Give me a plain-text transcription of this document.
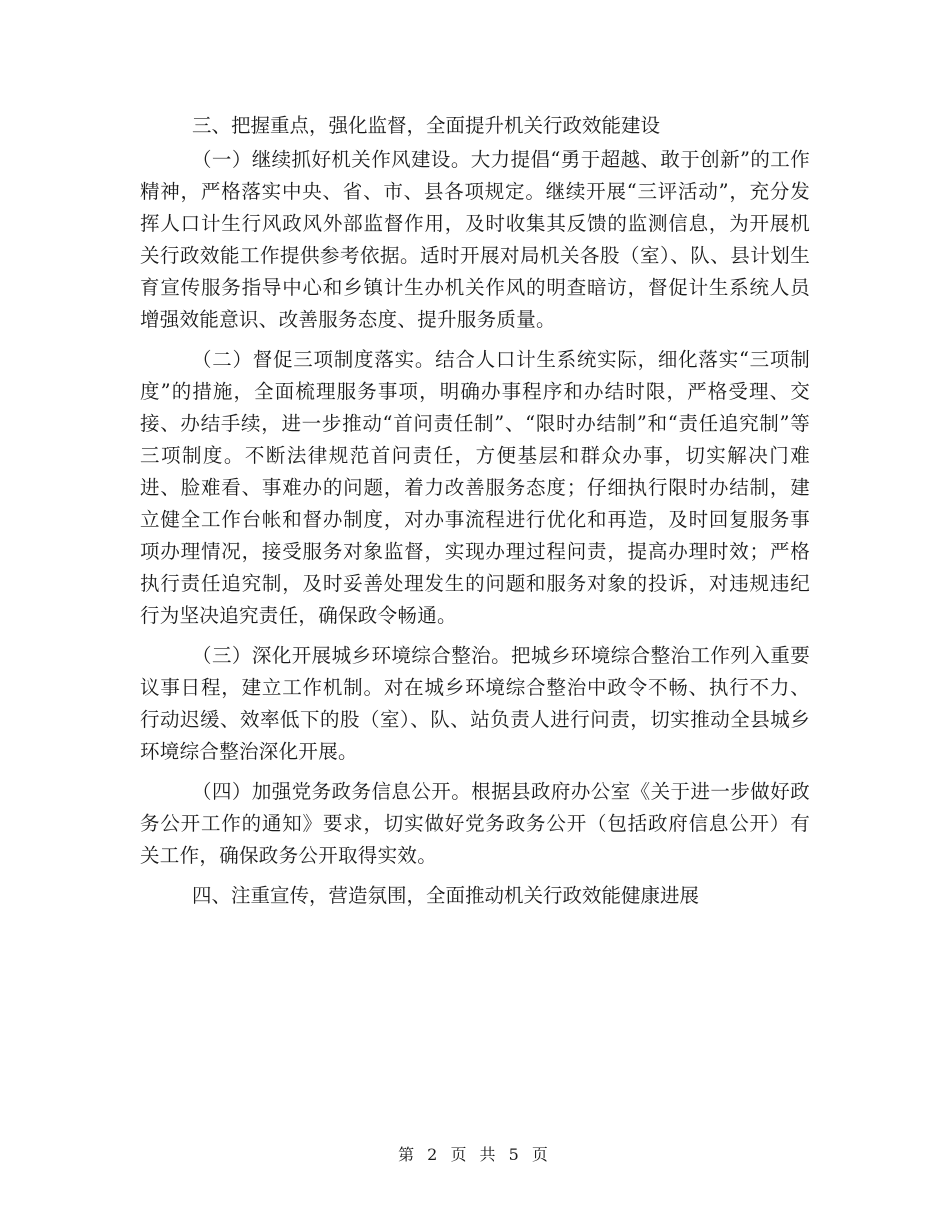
三、把握重点，强化监督，全面提升机关行政效能建设

（一）继续抓好机关作风建设。大力提倡“勇于超越、敢于创新”的工作精神，严格落实中央、省、市、县各项规定。继续开展“三评活动”，充分发挥人口计生行风政风外部监督作用，及时收集其反馈的监测信息，为开展机关行政效能工作提供参考依据。适时开展对局机关各股（室）、队、县计划生育宣传服务指导中心和乡镇计生办机关作风的明查暗访，督促计生系统人员增强效能意识、改善服务态度、提升服务质量。

（二）督促三项制度落实。结合人口计生系统实际，细化落实“三项制度”的措施，全面梳理服务事项，明确办事程序和办结时限，严格受理、交接、办结手续，进一步推动“首问责任制”、“限时办结制”和“责任追究制”等三项制度。不断法律规范首问责任，方便基层和群众办事，切实解决门难进、脸难看、事难办的问题，着力改善服务态度；仔细执行限时办结制，建立健全工作台帐和督办制度，对办事流程进行优化和再造，及时回复服务事项办理情况，接受服务对象监督，实现办理过程问责，提高办理时效；严格执行责任追究制，及时妥善处理发生的问题和服务对象的投诉，对违规违纪行为坚决追究责任，确保政令畅通。

（三）深化开展城乡环境综合整治。把城乡环境综合整治工作列入重要议事日程，建立工作机制。对在城乡环境综合整治中政令不畅、执行不力、行动迟缓、效率低下的股（室）、队、站负责人进行问责，切实推动全县城乡环境综合整治深化开展。

（四）加强党务政务信息公开。根据县政府办公室《关于进一步做好政务公开工作的通知》要求，切实做好党务政务公开（包括政府信息公开）有关工作，确保政务公开取得实效。

四、注重宣传，营造氛围，全面推动机关行政效能健康进展

第 2 页 共 5 页
